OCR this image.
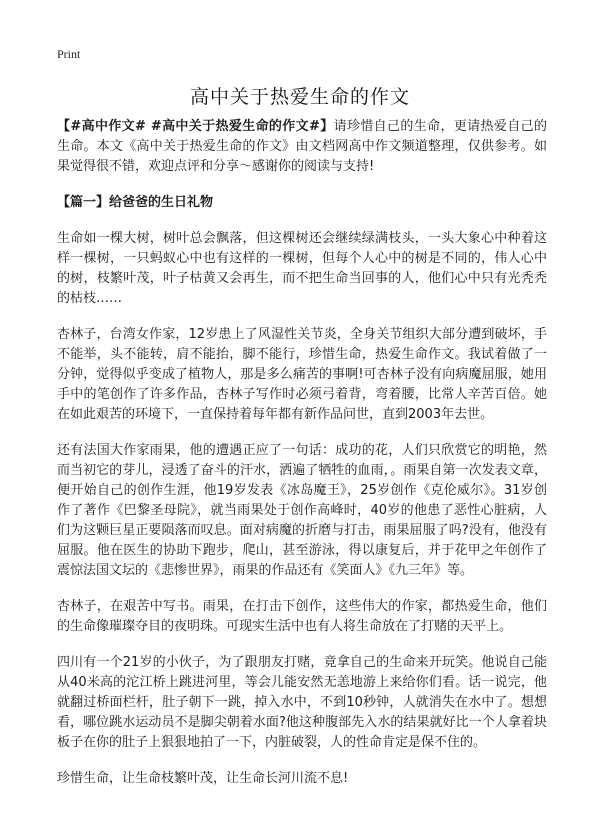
Print
高中关于热爱生命的作文

【#高中作文# #高中关于热爱生命的作文#】请珍惜自己的生命，更请热爱自己的生命。本文《高中关于热爱生命的作文》由文档网高中作文频道整理，仅供参考。如果觉得很不错，欢迎点评和分享～感谢你的阅读与支持!

【篇一】给爸爸的生日礼物

生命如一棵大树，树叶总会飘落，但这棵树还会继续绿满枝头，一头大象心中种着这样一棵树，一只蚂蚁心中也有这样的一棵树，但每个人心中的树是不同的，伟人心中的树，枝繁叶茂，叶子枯黄又会再生，而不把生命当回事的人，他们心中只有光秃秃的枯枝……

杏林子，台湾女作家，12岁患上了风湿性关节炎，全身关节组织大部分遭到破坏，手不能举，头不能转，肩不能抬，脚不能行，珍惜生命，热爱生命作文。我试着做了一分钟，觉得似乎变成了植物人，那是多么痛苦的事啊!可杏林子没有向病魔屈服，她用手中的笔创作了许多作品，杏林子写作时必须弓着背，弯着腰，比常人辛苦百倍。她在如此艰苦的环境下，一直保持着每年都有新作品问世，直到2003年去世。

还有法国大作家雨果，他的遭遇正应了一句话：成功的花，人们只欣赏它的明艳，然而当初它的芽儿，浸透了奋斗的汗水，洒遍了牺牲的血雨，。雨果自第一次发表文章，便开始自己的创作生涯，他19岁发表《冰岛魔王》，25岁创作《克伦威尔》。31岁创作了著作《巴黎圣母院》，就当雨果处于创作高峰时，40岁的他患了恶性心脏病，人们为这颗巨星正要陨落而叹息。面对病魔的折磨与打击，雨果屈服了吗?没有，他没有屈服。他在医生的协助下跑步，爬山，甚至游泳，得以康复后，并于花甲之年创作了震惊法国文坛的《悲惨世界》，雨果的作品还有《笑面人》《九三年》等。

杏林子，在艰苦中写书。雨果，在打击下创作，这些伟大的作家，都热爱生命，他们的生命像璀璨夺目的夜明珠。可现实生活中也有人将生命放在了打赌的天平上。

四川有一个21岁的小伙子，为了跟朋友打赌，竟拿自己的生命来开玩笑。他说自己能从40米高的沱江桥上跳进河里，等会儿能安然无恙地游上来给你们看。话一说完，他就翻过桥面栏杆，肚子朝下一跳，掉入水中，不到10秒钟，人就消失在水中了。想想看，哪位跳水运动员不是脚尖朝着水面?他这种腹部先入水的结果就好比一个人拿着块板子在你的肚子上狠狠地拍了一下，内脏破裂，人的性命肯定是保不住的。

珍惜生命，让生命枝繁叶茂，让生命长河川流不息!
